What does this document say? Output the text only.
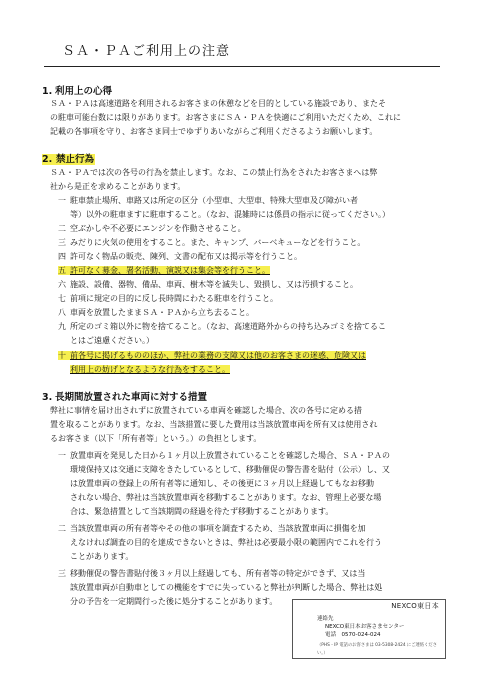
ＳＡ・ＰＡご利用上の注意
1. 利用上の心得
ＳＡ・ＰＡは高速道路を利用されるお客さまの休憩などを目的としている施設であり、またそ
の駐車可能台数には限りがあります。お客さまにＳＡ・ＰＡを快適にご利用いただくため、これに
記載の各事項を守り、お客さま同士でゆずりあいながらご利用くださるようお願いします。
2. 禁止行為
ＳＡ・ＰＡでは次の各号の行為を禁止します。なお、この禁止行為をされたお客さまへは弊
社から是正を求めることがあります。
一 駐車禁止場所、車路又は所定の区分（小型車、大型車、特殊大型車及び障がい者
等）以外の駐車ますに駐車すること。（なお、混雑時には係員の指示に従ってください。）
二 空ぶかしや不必要にエンジンを作動させること。
三 みだりに火気の使用をすること。また、キャンプ、バーベキューなどを行うこと。
四 許可なく物品の販売、陳列、文書の配布又は掲示等を行うこと。
五 許可なく募金、署名活動、演説又は集会等を行うこと。
六 施設、設備、器物、備品、車両、樹木等を滅失し、毀損し、又は汚損すること。
七 前項に規定の目的に反し長時間にわたる駐車を行うこと。
八 車両を放置したままＳＡ・ＰＡから立ち去ること。
九 所定のゴミ箱以外に物を捨てること。（なお、高速道路外からの持ち込みゴミを捨てるこ
とはご遠慮ください。）
十 前各号に掲げるもののほか、弊社の業務の支障又は他のお客さまの迷惑、危険又は
利用上の妨げとなるような行為をすること。
3. 長期間放置された車両に対する措置
弊社に事情を届け出されずに放置されている車両を確認した場合、次の各号に定める措
置を取ることがあります。なお、当該措置に要した費用は当該放置車両を所有又は使用され
るお客さま（以下「所有者等」という。）の負担とします。
一 放置車両を発見した日から１ヶ月以上放置されていることを確認した場合、ＳＡ・ＰＡの
環境保持又は交通に支障をきたしているとして、移動催促の警告書を貼付（公示）し、又
は放置車両の登録上の所有者等に通知し、その後更に３ヶ月以上経過してもなお移動
されない場合、弊社は当該放置車両を移動することがあります。なお、管理上必要な場
合は、緊急措置として当該期間の経過を待たず移動することがあります。
二 当該放置車両の所有者等やその他の事項を調査するため、当該放置車両に損傷を加
えなければ調査の目的を達成できないときは、弊社は必要最小限の範囲内でこれを行う
ことがあります。
三 移動催促の警告書貼付後３ヶ月以上経過しても、所有者等の特定ができず、又は当
該放置車両が自動車としての機能をすでに失っていると弊社が判断した場合、弊社は処
分の予告を一定期間行った後に処分することがあります。	NEXCO東日本
連絡先
NEXCO東日本お客さまセンター
電話　0570-024-024
（PHS・IP 電話のお客さまは 03-5308-2424 にご連絡ください。）
